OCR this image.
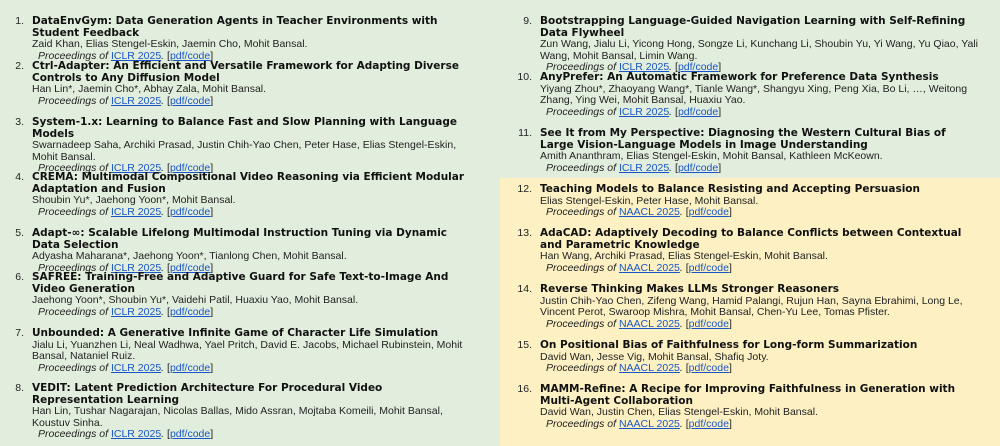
1. DataEnvGym: Data Generation Agents in Teacher Environments with Student Feedback
Zaid Khan, Elias Stengel-Eskin, Jaemin Cho, Mohit Bansal.
Proceedings of ICLR 2025. [pdf/code]
2. Ctrl-Adapter: An Efficient and Versatile Framework for Adapting Diverse Controls to Any Diffusion Model
Han Lin*, Jaemin Cho*, Abhay Zala, Mohit Bansal.
Proceedings of ICLR 2025. [pdf/code]
3. System-1.x: Learning to Balance Fast and Slow Planning with Language Models
Swarnadeep Saha, Archiki Prasad, Justin Chih-Yao Chen, Peter Hase, Elias Stengel-Eskin, Mohit Bansal.
Proceedings of ICLR 2025. [pdf/code]
4. CREMA: Multimodal Compositional Video Reasoning via Efficient Modular Adaptation and Fusion
Shoubin Yu*, Jaehong Yoon*, Mohit Bansal.
Proceedings of ICLR 2025. [pdf/code]
5. Adapt-∞: Scalable Lifelong Multimodal Instruction Tuning via Dynamic Data Selection
Adyasha Maharana*, Jaehong Yoon*, Tianlong Chen, Mohit Bansal.
Proceedings of ICLR 2025. [pdf/code]
6. SAFREE: Training-Free and Adaptive Guard for Safe Text-to-Image And Video Generation
Jaehong Yoon*, Shoubin Yu*, Vaidehi Patil, Huaxiu Yao, Mohit Bansal.
Proceedings of ICLR 2025. [pdf/code]
7. Unbounded: A Generative Infinite Game of Character Life Simulation
Jialu Li, Yuanzhen Li, Neal Wadhwa, Yael Pritch, David E. Jacobs, Michael Rubinstein, Mohit Bansal, Nataniel Ruiz.
Proceedings of ICLR 2025. [pdf/code]
8. VEDIT: Latent Prediction Architecture For Procedural Video Representation Learning
Han Lin, Tushar Nagarajan, Nicolas Ballas, Mido Assran, Mojtaba Komeili, Mohit Bansal, Koustuv Sinha.
Proceedings of ICLR 2025. [pdf/code]
9. Bootstrapping Language-Guided Navigation Learning with Self-Refining Data Flywheel
Zun Wang, Jialu Li, Yicong Hong, Songze Li, Kunchang Li, Shoubin Yu, Yi Wang, Yu Qiao, Yali Wang, Mohit Bansal, Limin Wang.
Proceedings of ICLR 2025. [pdf/code]
10. AnyPrefer: An Automatic Framework for Preference Data Synthesis
Yiyang Zhou*, Zhaoyang Wang*, Tianle Wang*, Shangyu Xing, Peng Xia, Bo Li, …, Weitong Zhang, Ying Wei, Mohit Bansal, Huaxiu Yao.
Proceedings of ICLR 2025. [pdf/code]
11. See It from My Perspective: Diagnosing the Western Cultural Bias of Large Vision-Language Models in Image Understanding
Amith Ananthram, Elias Stengel-Eskin, Mohit Bansal, Kathleen McKeown.
Proceedings of ICLR 2025. [pdf/code]
12. Teaching Models to Balance Resisting and Accepting Persuasion
Elias Stengel-Eskin, Peter Hase, Mohit Bansal.
Proceedings of NAACL 2025. [pdf/code]
13. AdaCAD: Adaptively Decoding to Balance Conflicts between Contextual and Parametric Knowledge
Han Wang, Archiki Prasad, Elias Stengel-Eskin, Mohit Bansal.
Proceedings of NAACL 2025. [pdf/code]
14. Reverse Thinking Makes LLMs Stronger Reasoners
Justin Chih-Yao Chen, Zifeng Wang, Hamid Palangi, Rujun Han, Sayna Ebrahimi, Long Le, Vincent Perot, Swaroop Mishra, Mohit Bansal, Chen-Yu Lee, Tomas Pfister.
Proceedings of NAACL 2025. [pdf/code]
15. On Positional Bias of Faithfulness for Long-form Summarization
David Wan, Jesse Vig, Mohit Bansal, Shafiq Joty.
Proceedings of NAACL 2025. [pdf/code]
16. MAMM-Refine: A Recipe for Improving Faithfulness in Generation with Multi-Agent Collaboration
David Wan, Justin Chen, Elias Stengel-Eskin, Mohit Bansal.
Proceedings of NAACL 2025. [pdf/code]
